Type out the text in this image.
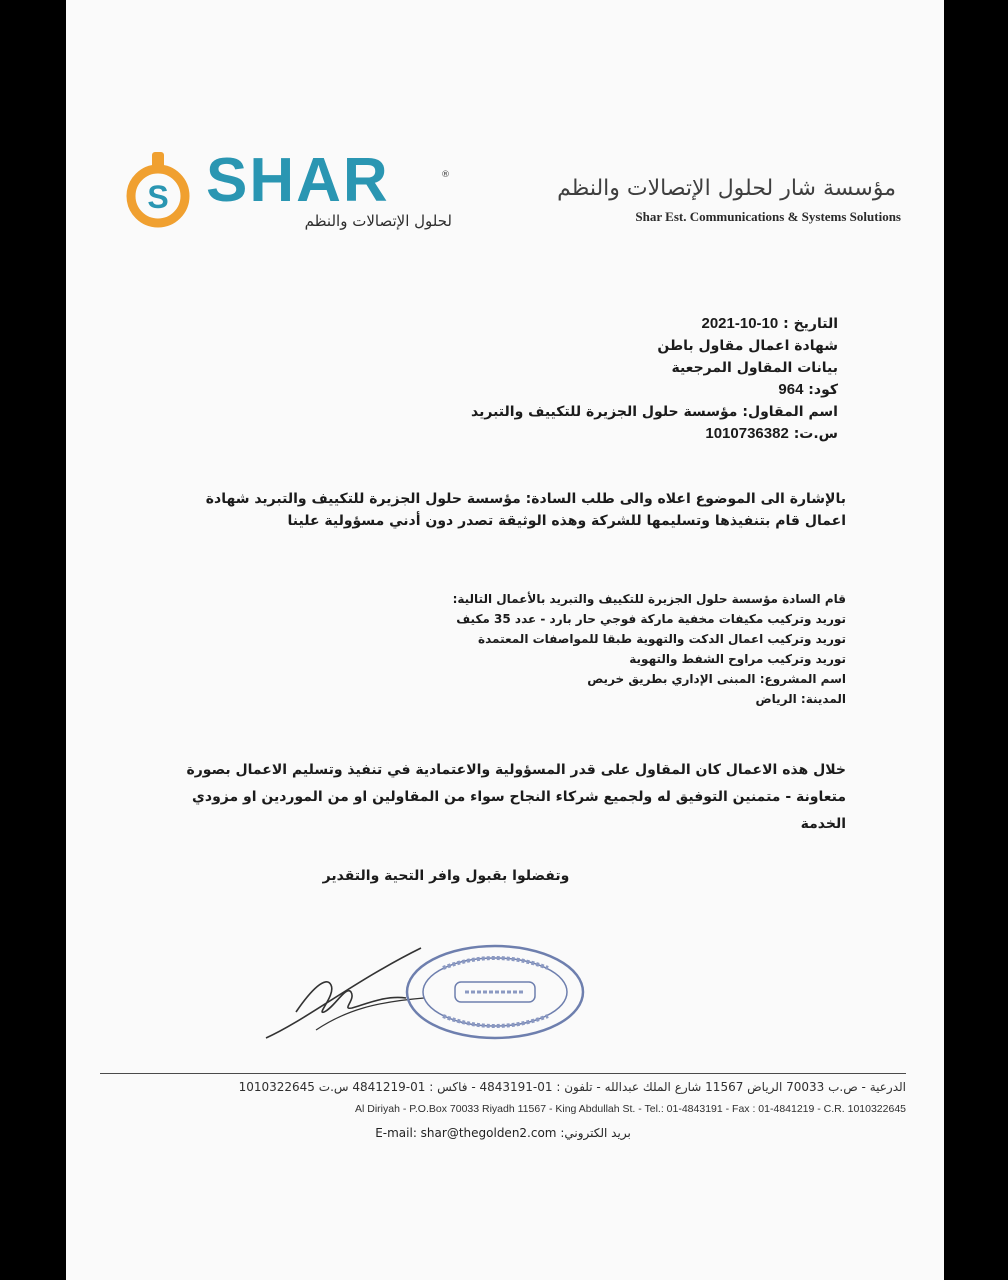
S SHAR	®
لحلول الإتصالات والنظم
مؤسسة شار لحلول الإتصالات والنظم
Shar Est. Communications & Systems Solutions
التاريخ : 2021-10-10
شهادة اعمال مقاول باطن
بيانات المقاول المرجعية
كود: 964
اسم المقاول: مؤسسة حلول الجزيرة للتكييف والتبريد
س.ت: 1010736382
بالإشارة الى الموضوع اعلاه والى طلب السادة: مؤسسة حلول الجزيرة للتكييف والتبريد شهادة اعمال قام بتنفيذها وتسليمها للشركة وهذه الوثيقة تصدر دون أدني مسؤولية علينا
قام السادة مؤسسة حلول الجزيرة للتكييف والتبريد بالأعمال التالية:
توريد وتركيب مكيفات مخفية ماركة فوجي حار بارد - عدد 35 مكيف
توريد وتركيب اعمال الدكت والتهوية طبقا للمواصفات المعتمدة
توريد وتركيب مراوح الشفط والتهوية
اسم المشروع: المبنى الإداري بطريق خريص
المدينة: الرياض
خلال هذه الاعمال كان المقاول على قدر المسؤولية والاعتمادية في تنفيذ وتسليم الاعمال بصورة متعاونة - متمنين التوفيق له ولجميع شركاء النجاح سواء من المقاولين او من الموردين او مزودي الخدمة
وتفضلوا بقبول وافر التحية والتقدير
الدرعية - ص.ب 70033 الرياض 11567 شارع الملك عبدالله - تلفون : 01-4843191 - فاكس : 01-4841219 س.ت 1010322645
Al Diriyah - P.O.Box 70033 Riyadh 11567 - King Abdullah St. - Tel.: 01-4843191 - Fax : 01-4841219 - C.R. 1010322645
E-mail: shar@thegolden2.com بريد الكتروني:
